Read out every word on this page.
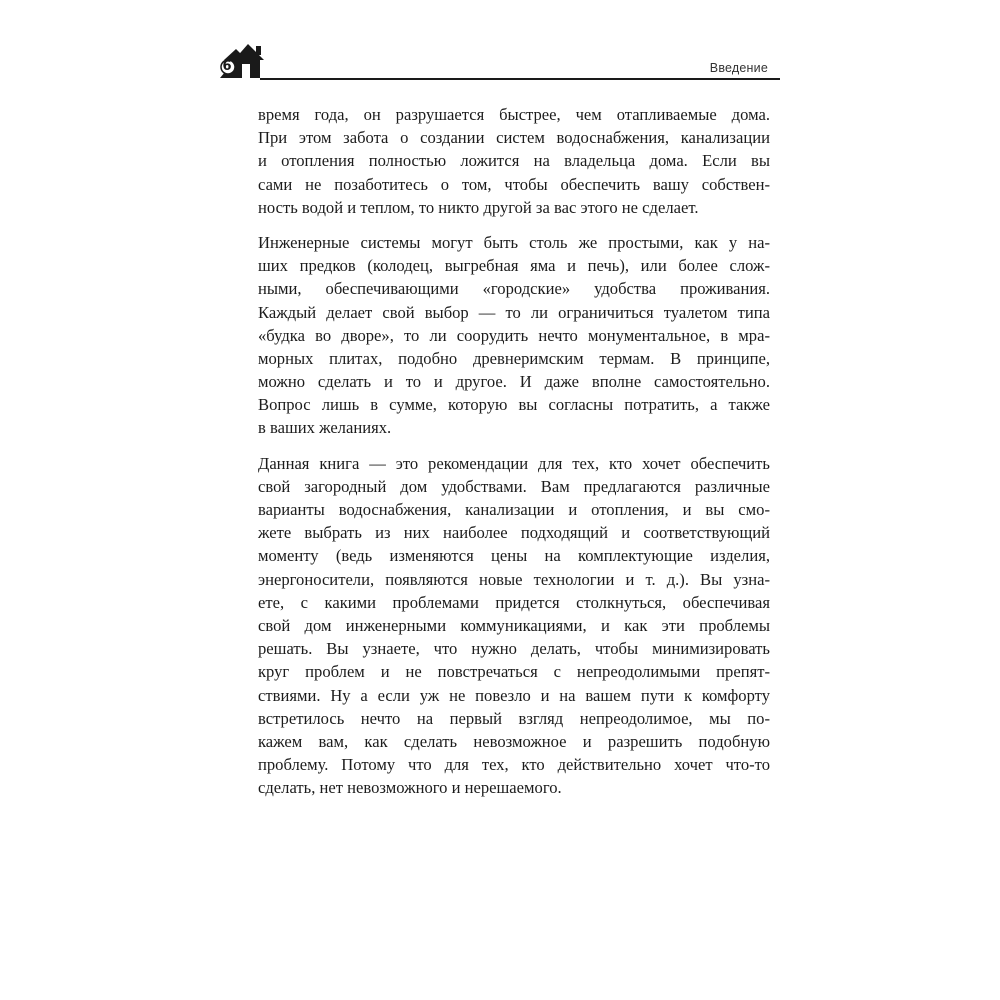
6	Введение
время года, он разрушается быстрее, чем отапливаемые дома.
При этом забота о создании систем водоснабжения, канализации
и отопления полностью ложится на владельца дома. Если вы
сами не позаботитесь о том, чтобы обеспечить вашу собствен-
ность водой и теплом, то никто другой за вас этого не сделает.
Инженерные системы могут быть столь же простыми, как у на-
ших предков (колодец, выгребная яма и печь), или более слож-
ными, обеспечивающими «городские» удобства проживания.
Каждый делает свой выбор — то ли ограничиться туалетом типа
«будка во дворе», то ли соорудить нечто монументальное, в мра-
морных плитах, подобно древнеримским термам. В принципе,
можно сделать и то и другое. И даже вполне самостоятельно.
Вопрос лишь в сумме, которую вы согласны потратить, а также
в ваших желаниях.
Данная книга — это рекомендации для тех, кто хочет обеспечить
свой загородный дом удобствами. Вам предлагаются различные
варианты водоснабжения, канализации и отопления, и вы смо-
жете выбрать из них наиболее подходящий и соответствующий
моменту (ведь изменяются цены на комплектующие изделия,
энергоносители, появляются новые технологии и т. д.). Вы узна-
ете, с какими проблемами придется столкнуться, обеспечивая
свой дом инженерными коммуникациями, и как эти проблемы
решать. Вы узнаете, что нужно делать, чтобы минимизировать
круг проблем и не повстречаться с непреодолимыми препят-
ствиями. Ну а если уж не повезло и на вашем пути к комфорту
встретилось нечто на первый взгляд непреодолимое, мы по-
кажем вам, как сделать невозможное и разрешить подобную
проблему. Потому что для тех, кто действительно хочет что-то
сделать, нет невозможного и нерешаемого.
